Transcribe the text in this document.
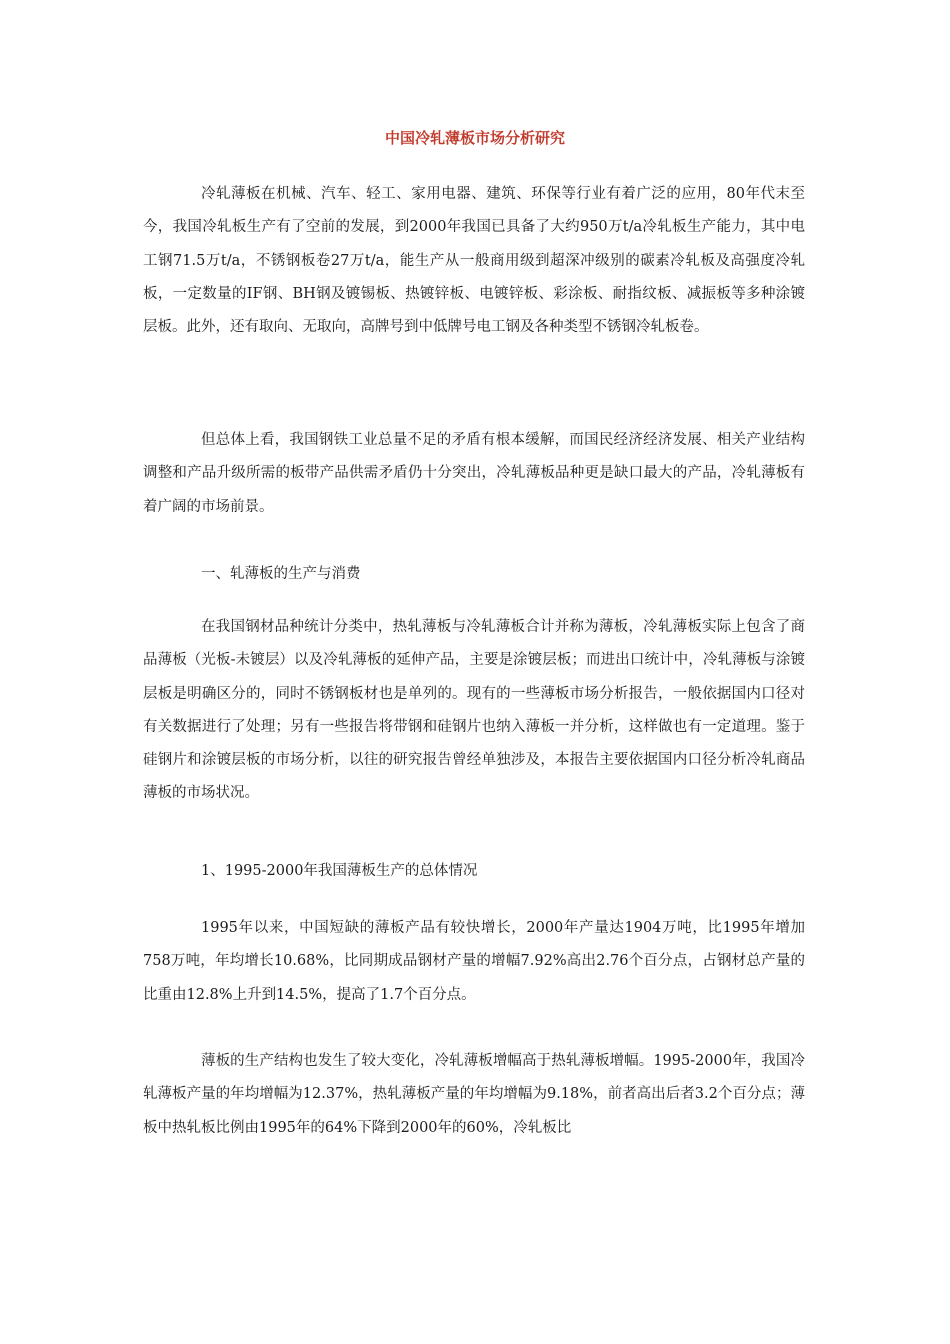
中国冷轧薄板市场分析研究

冷轧薄板在机械、汽车、轻工、家用电器、建筑、环保等行业有着广泛的应用，80年代末至今，我国冷轧板生产有了空前的发展，到2000年我国已具备了大约950万t/a冷轧板生产能力，其中电工钢71.5万t/a，不锈钢板卷27万t/a，能生产从一般商用级到超深冲级别的碳素冷轧板及高强度冷轧板，一定数量的IF钢、BH钢及镀锡板、热镀锌板、电镀锌板、彩涂板、耐指纹板、减振板等多种涂镀层板。此外，还有取向、无取向，高牌号到中低牌号电工钢及各种类型不锈钢冷轧板卷。

但总体上看，我国钢铁工业总量不足的矛盾有根本缓解，而国民经济经济发展、相关产业结构调整和产品升级所需的板带产品供需矛盾仍十分突出，冷轧薄板品种更是缺口最大的产品，冷轧薄板有着广阔的市场前景。

一、轧薄板的生产与消费

在我国钢材品种统计分类中，热轧薄板与冷轧薄板合计并称为薄板，冷轧薄板实际上包含了商品薄板（光板-未镀层）以及冷轧薄板的延伸产品，主要是涂镀层板；而进出口统计中，冷轧薄板与涂镀层板是明确区分的，同时不锈钢板材也是单列的。现有的一些薄板市场分析报告，一般依据国内口径对有关数据进行了处理；另有一些报告将带钢和硅钢片也纳入薄板一并分析，这样做也有一定道理。鉴于硅钢片和涂镀层板的市场分析，以往的研究报告曾经单独涉及，本报告主要依据国内口径分析冷轧商品薄板的市场状况。

1、1995-2000年我国薄板生产的总体情况

1995年以来，中国短缺的薄板产品有较快增长，2000年产量达1904万吨，比1995年增加758万吨，年均增长10.68%，比同期成品钢材产量的增幅7.92%高出2.76个百分点，占钢材总产量的比重由12.8%上升到14.5%，提高了1.7个百分点。

薄板的生产结构也发生了较大变化，冷轧薄板增幅高于热轧薄板增幅。1995-2000年，我国冷轧薄板产量的年均增幅为12.37%，热轧薄板产量的年均增幅为9.18%，前者高出后者3.2个百分点；薄板中热轧板比例由1995年的64%下降到2000年的60%，冷轧板比
